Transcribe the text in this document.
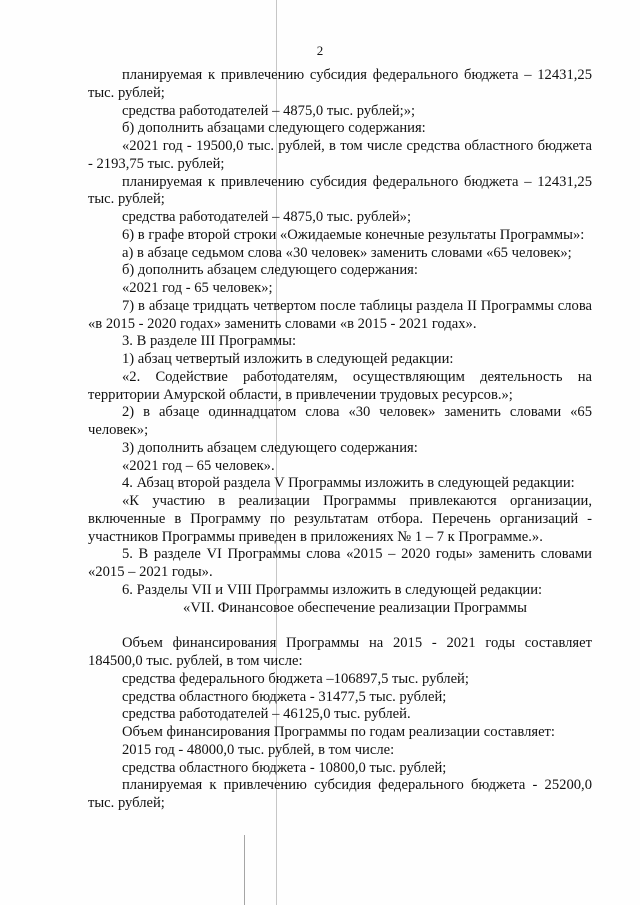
2

планируемая к привлечению субсидия федерального бюджета – 12431,25 тыс. рублей;

средства работодателей – 4875,0 тыс. рублей;»;

б) дополнить абзацами следующего содержания:

«2021 год - 19500,0 тыс. рублей, в том числе средства областного бюджета - 2193,75 тыс. рублей;

планируемая к привлечению субсидия федерального бюджета – 12431,25 тыс. рублей;

средства работодателей – 4875,0 тыс. рублей»;

6) в графе второй строки «Ожидаемые конечные результаты Программы»:

а) в абзаце седьмом слова «30 человек» заменить словами «65 человек»;

б) дополнить абзацем следующего содержания:

«2021 год - 65 человек»;

7) в абзаце тридцать четвертом после таблицы раздела II Программы слова «в 2015 - 2020 годах» заменить словами «в 2015 - 2021 годах».

3. В разделе III Программы:

1) абзац четвертый изложить в следующей редакции:

«2. Содействие работодателям, осуществляющим деятельность на территории Амурской области, в привлечении трудовых ресурсов.»;

2) в абзаце одиннадцатом слова «30 человек» заменить словами «65 человек»;

3) дополнить абзацем следующего содержания:

«2021 год – 65 человек».

4. Абзац второй раздела V Программы изложить в следующей редакции:

«К участию в реализации Программы привлекаются организации, включенные в Программу по результатам отбора. Перечень организаций - участников Программы приведен в приложениях № 1 – 7 к Программе.».

5. В разделе VI Программы слова «2015 – 2020 годы» заменить словами «2015 – 2021 годы».

6. Разделы VII и VIII Программы изложить в следующей редакции:

«VII. Финансовое обеспечение реализации Программы

Объем финансирования Программы на 2015 - 2021 годы составляет 184500,0 тыс. рублей, в том числе:

средства федерального бюджета –106897,5 тыс. рублей;

средства областного бюджета - 31477,5 тыс. рублей;

средства работодателей – 46125,0 тыс. рублей.

Объем финансирования Программы по годам реализации составляет:

2015 год - 48000,0 тыс. рублей, в том числе:

средства областного бюджета - 10800,0 тыс. рублей;

планируемая к привлечению субсидия федерального бюджета - 25200,0 тыс. рублей;
